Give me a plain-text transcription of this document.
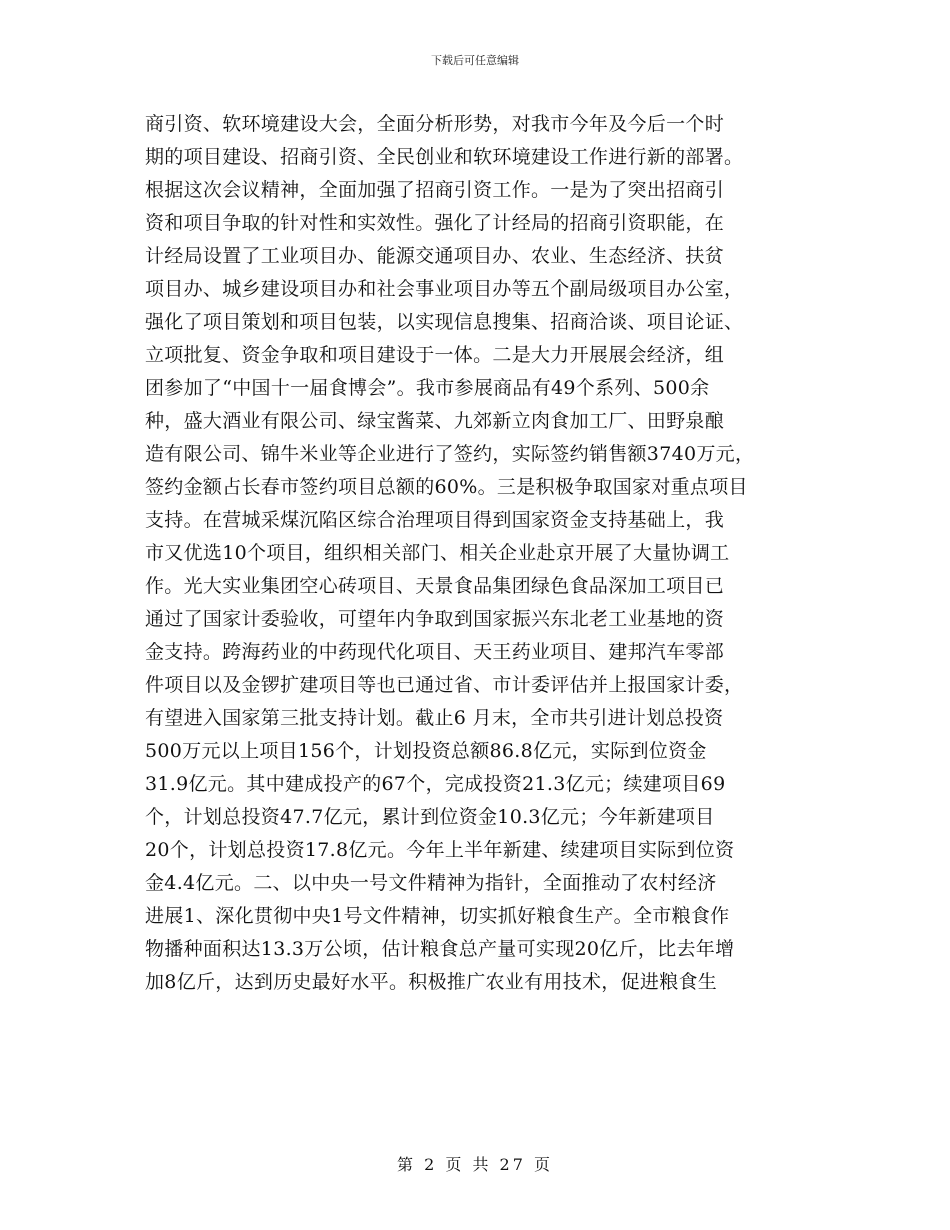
下载后可任意编辑
商引资、软环境建设大会，全面分析形势，对我市今年及今后一个时
期的项目建设、招商引资、全民创业和软环境建设工作进行新的部署。
根据这次会议精神，全面加强了招商引资工作。一是为了突出招商引
资和项目争取的针对性和实效性。强化了计经局的招商引资职能，在
计经局设置了工业项目办、能源交通项目办、农业、生态经济、扶贫
项目办、城乡建设项目办和社会事业项目办等五个副局级项目办公室，
强化了项目策划和项目包装，以实现信息搜集、招商洽谈、项目论证、
立项批复、资金争取和项目建设于一体。二是大力开展展会经济，组
团参加了“中国十一届食博会”。我市参展商品有49个系列、500余
种，盛大酒业有限公司、绿宝酱菜、九郊新立肉食加工厂、田野泉酿
造有限公司、锦牛米业等企业进行了签约，实际签约销售额3740万元，
签约金额占长春市签约项目总额的60%。三是积极争取国家对重点项目
支持。在营城采煤沉陷区综合治理项目得到国家资金支持基础上，我
市又优选10个项目，组织相关部门、相关企业赴京开展了大量协调工
作。光大实业集团空心砖项目、天景食品集团绿色食品深加工项目已
通过了国家计委验收，可望年内争取到国家振兴东北老工业基地的资
金支持。跨海药业的中药现代化项目、天王药业项目、建邦汽车零部
件项目以及金锣扩建项目等也已通过省、市计委评估并上报国家计委，
有望进入国家第三批支持计划。截止6 月末，全市共引进计划总投资
500万元以上项目156个，计划投资总额86.8亿元，实际到位资金
31.9亿元。其中建成投产的67个，完成投资21.3亿元；续建项目69
个，计划总投资47.7亿元，累计到位资金10.3亿元；今年新建项目
20个，计划总投资17.8亿元。今年上半年新建、续建项目实际到位资
金4.4亿元。二、以中央一号文件精神为指针，全面推动了农村经济
进展1、深化贯彻中央1号文件精神，切实抓好粮食生产。全市粮食作
物播种面积达13.3万公顷，估计粮食总产量可实现20亿斤，比去年增
加8亿斤，达到历史最好水平。积极推广农业有用技术，促进粮食生
第 2 页 共 27 页
